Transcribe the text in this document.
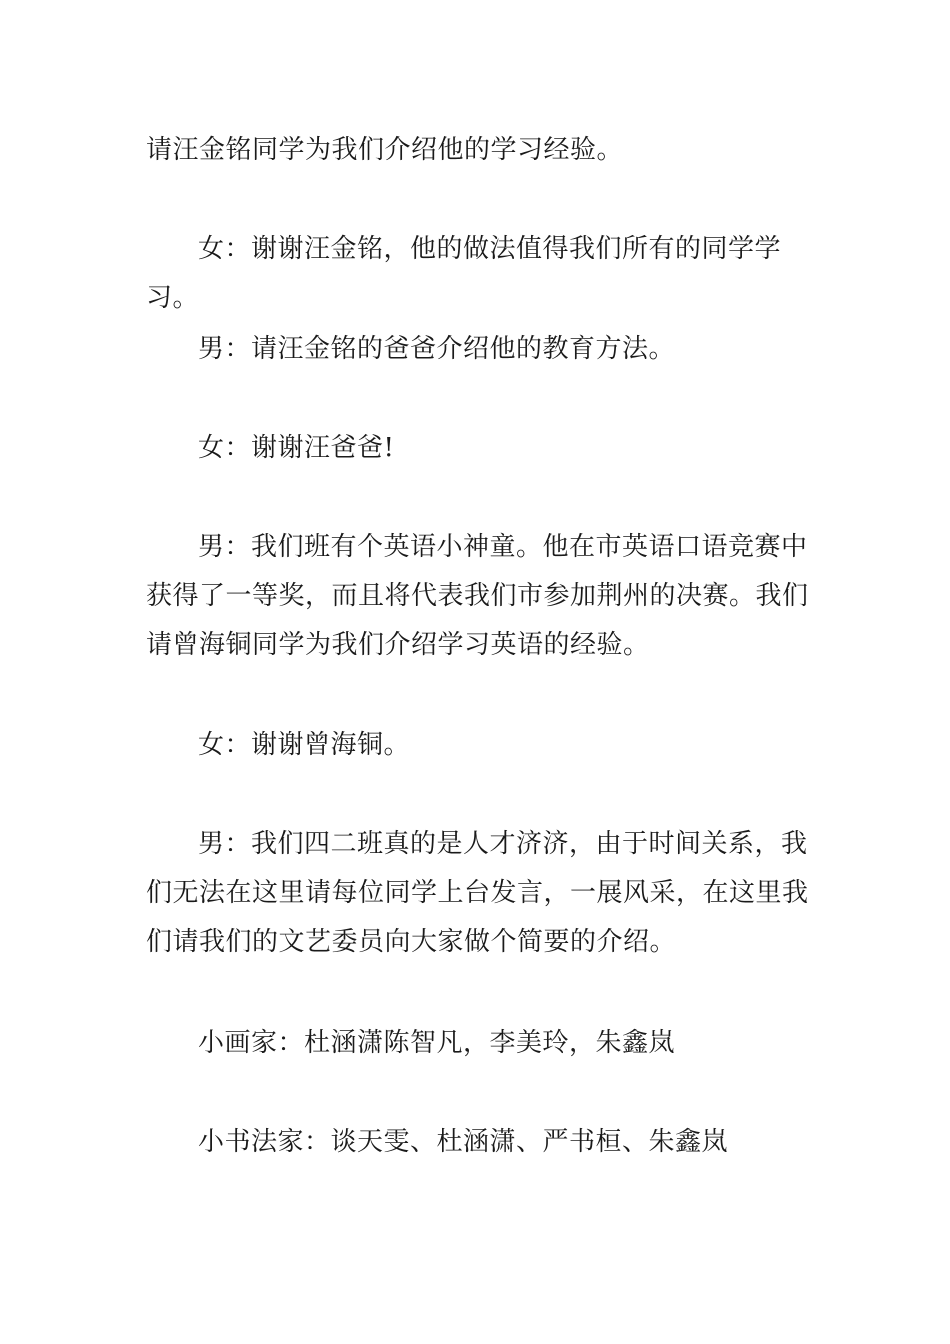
请汪金铭同学为我们介绍他的学习经验。

女：谢谢汪金铭，他的做法值得我们所有的同学学习。

男：请汪金铭的爸爸介绍他的教育方法。

女：谢谢汪爸爸!

男：我们班有个英语小神童。他在市英语口语竞赛中获得了一等奖，而且将代表我们市参加荆州的决赛。我们请曾海铜同学为我们介绍学习英语的经验。

女：谢谢曾海铜。

男：我们四二班真的是人才济济，由于时间关系，我们无法在这里请每位同学上台发言，一展风采，在这里我们请我们的文艺委员向大家做个简要的介绍。

小画家：杜涵潇陈智凡，李美玲，朱鑫岚

小书法家：谈天雯、杜涵潇、严书桓、朱鑫岚
